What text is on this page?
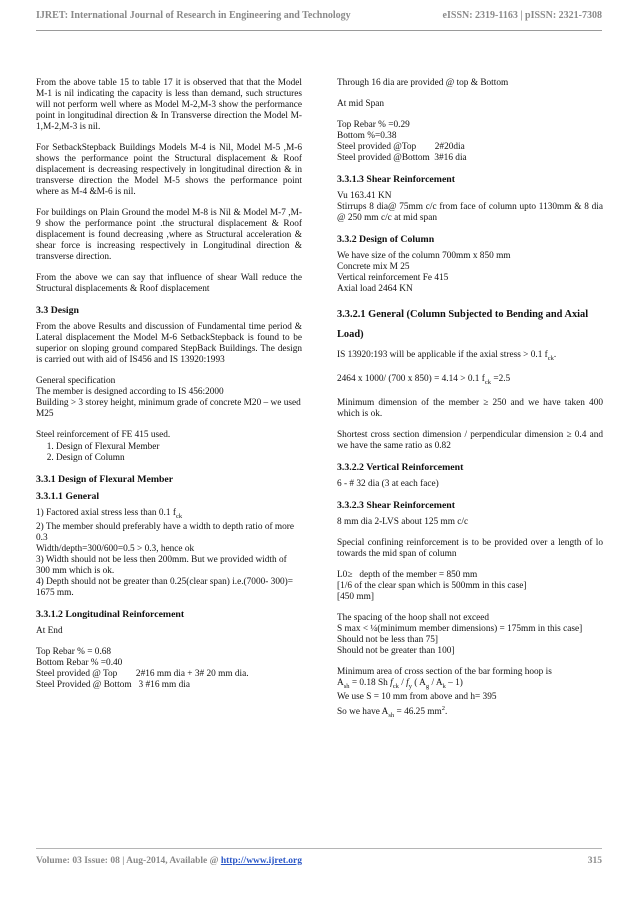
IJRET: International Journal of Research in Engineering and Technology	eISSN: 2319-1163 | pISSN: 2321-7308

From the above table 15 to table 17 it is observed that that the Model M-1 is nil indicating the capacity is less than demand, such structures will not perform well where as Model M-2,M-3 show the performance point in longitudinal direction & In Transverse direction the Model M-1,M-2,M-3 is nil.

For SetbackStepback Buildings Models M-4 is Nil, Model M-5 ,M-6 shows the performance point the Structural displacement & Roof displacement is decreasing respectively in longitudinal direction & in transverse direction the Model M-5 shows the performance point where as M-4 &M-6 is nil.

For buildings on Plain Ground the model M-8 is Nil & Model M-7 ,M-9 show the performance point .the structural displacement & Roof displacement is found decreasing ,where as Structural acceleration & shear force is increasing respectively in Longitudinal direction & transverse direction.

From the above we can say that influence of shear Wall reduce the Structural displacements & Roof displacement

3.3 Design

From the above Results and discussion of Fundamental time period & Lateral displacement the Model M-6 SetbackStepback is found to be superior on sloping ground compared StepBack Buildings. The design is carried out with aid of IS456 and IS 13920:1993

General specification
The member is designed according to IS 456:2000
Building > 3 storey height, minimum grade of concrete M20 – we used M25

Steel reinforcement of FE 415 used.

1. Design of Flexural Member
2. Design of Column
3.3.1 Design of Flexural Member
3.3.1.1 General

1) Factored axial stress less than 0.1 $f_{ck}$
2) The member should preferably have a width to depth ratio of more 0.3
Width/depth=300/600=0.5 > 0.3, hence ok
3) Width should not be less then 200mm. But we provided width of 300 mm which is ok.
4) Depth should not be greater than 0.25(clear span) i.e.(7000- 300)= 1675 mm.

3.3.1.2 Longitudinal Reinforcement

At End

Top Rebar % = 0.68
Bottom Rebar % =0.40
Steel provided @ Top        2#16 mm dia + 3# 20 mm dia.
Steel Provided @ Bottom   3 #16 mm dia

Through 16 dia are provided @ top & Bottom

At mid Span

Top Rebar % =0.29
Bottom %=0.38
Steel provided @Top        2#20dia
Steel provided @Bottom  3#16 dia

3.3.1.3 Shear Reinforcement

Vu 163.41 KN
Stirrups 8 dia@ 75mm c/c from face of column upto 1130mm & 8 dia @ 250 mm c/c at mid span

3.3.2 Design of Column

We have size of the column 700mm x 850 mm
Concrete mix M 25
Vertical reinforcement Fe 415
Axial load 2464 KN

3.3.2.1 General (Column Subjected to Bending and Axial Load)

IS 13920:193 will be applicable if the axial stress > 0.1 $f_{ck}$.

2464 x 1000/ (700 x 850) = 4.14 > 0.1 $f_{ck} =2.5$

Minimum dimension of the member ≥ 250 and we have taken 400 which is ok.

Shortest cross section dimension / perpendicular dimension ≥ 0.4 and we have the same ratio as 0.82

3.3.2.2 Vertical Reinforcement

6 - # 32 dia (3 at each face)

3.3.2.3 Shear Reinforcement

8 mm dia 2-LVS about 125 mm c/c

Special confining reinforcement is to be provided over a length of lo towards the mid span of column

L0≥   depth of the member = 850 mm
[1/6 of the clear span which is 500mm in this case]
[450 mm]

The spacing of the hoop shall not exceed
S max < ¼(minimum member dimensions) = 175mm in this case]
Should not be less than 75]
Should not be greater than 100]

Minimum area of cross section of the bar forming hoop is
$A_{sh} = 0.18$ Sh $f_{ck} / f_y$ ( $A_g / A_k - 1$)
We use S = 10 mm from above and h= 395
So we have $A_{sh} = 46.25$ $mm^2$.

Volume: 03 Issue: 08 | Aug-2014, Available @ http://www.ijret.org	315
